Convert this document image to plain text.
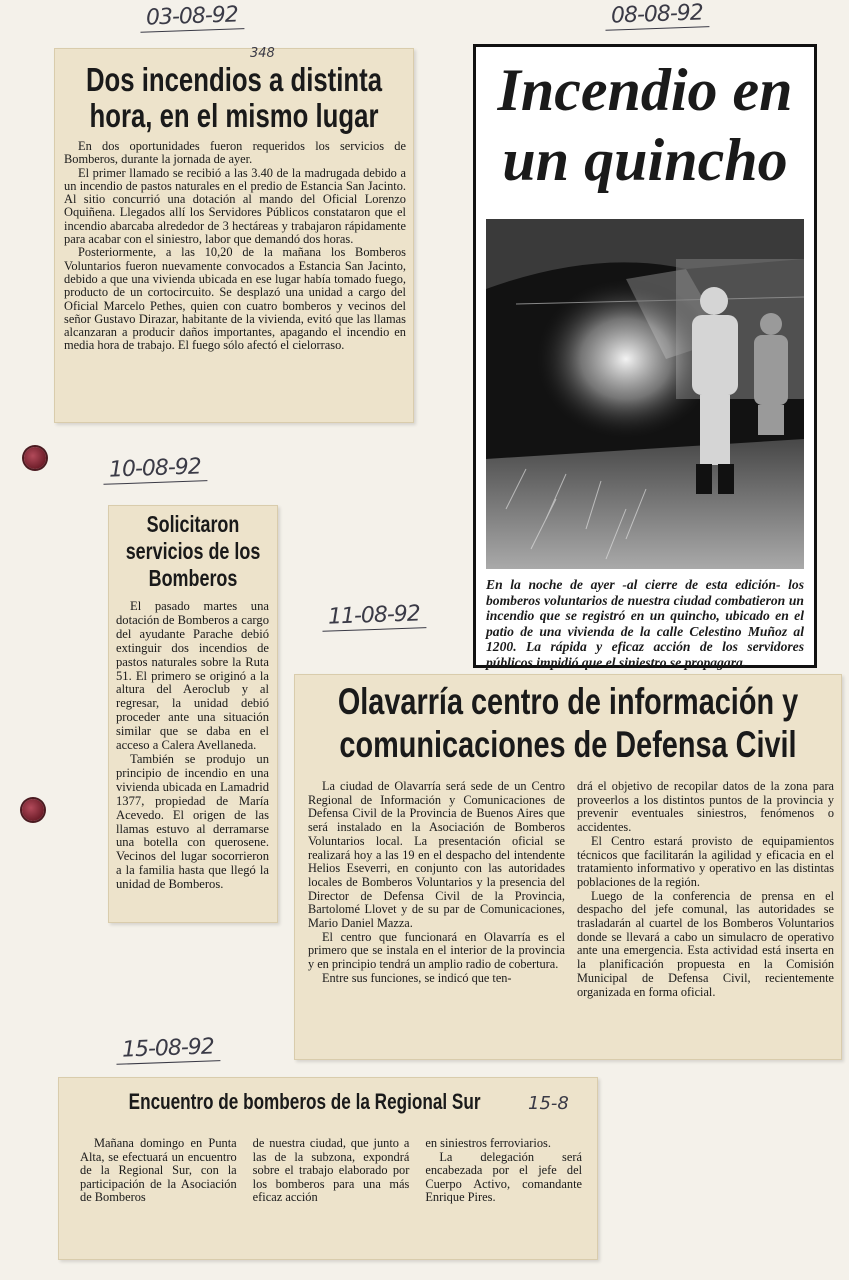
03-08-92	08-08-92
10-08-92
11-08-92
15-08-92
348
Dos incendios a distinta hora, en el mismo lugar

En dos oportunidades fueron requeridos los servicios de Bomberos, durante la jornada de ayer.

El primer llamado se recibió a las 3.40 de la madrugada debido a un incendio de pastos naturales en el predio de Estancia San Jacinto. Al sitio concurrió una dotación al mando del Oficial Lorenzo Oquiñena. Llegados allí los Servidores Públicos constataron que el incendio abarcaba alrededor de 3 hectáreas y trabajaron rápidamente para acabar con el siniestro, labor que demandó dos horas.

Posteriormente, a las 10,20 de la mañana los Bomberos Voluntarios fueron nuevamente convocados a Estancia San Jacinto, debido a que una vivienda ubicada en ese lugar había tomado fuego, producto de un cortocircuito. Se desplazó una unidad a cargo del Oficial Marcelo Pethes, quien con cuatro bomberos y vecinos del señor Gustavo Dirazar, habitante de la vivienda, evitó que las llamas alcanzaran a producir daños importantes, apagando el incendio en media hora de trabajo. El fuego sólo afectó el cielorraso.

Incendio en un quincho
En la noche de ayer -al cierre de esta edición- los bomberos voluntarios de nuestra ciudad combatieron un incendio que se registró en un quincho, ubicado en el patio de una vivienda de la calle Celestino Muñoz al 1200. La rápida y eficaz acción de los servidores públicos impidió que el siniestro se propagara.
Solicitaron servicios de los Bomberos

El pasado martes una dotación de Bomberos a cargo del ayudante Parache debió extinguir dos incendios de pastos naturales sobre la Ruta 51. El primero se originó a la altura del Aeroclub y al regresar, la unidad debió proceder ante una situación similar que se daba en el acceso a Calera Avellaneda.

También se produjo un principio de incendio en una vivienda ubicada en Lamadrid 1377, propiedad de María Acevedo. El origen de las llamas estuvo al derramarse una botella con querosene. Vecinos del lugar socorrieron a la familia hasta que llegó la unidad de Bomberos.

Olavarría centro de información y comunicaciones de Defensa Civil

La ciudad de Olavarría será sede de un Centro Regional de Información y Comunicaciones de Defensa Civil de la Provincia de Buenos Aires que será instalado en la Asociación de Bomberos Voluntarios local. La presentación oficial se realizará hoy a las 19 en el despacho del intendente Helios Eseverri, en conjunto con las autoridades locales de Bomberos Voluntarios y la presencia del Director de Defensa Civil de la Provincia, Bartolomé Llovet y de su par de Comunicaciones, Mario Daniel Mazza.

El centro que funcionará en Olavarría es el primero que se instala en el interior de la provincia y en principio tendrá un amplio radio de cobertura.

Entre sus funciones, se indicó que ten-

drá el objetivo de recopilar datos de la zona para proveerlos a los distintos puntos de la provincia y prevenir eventuales siniestros, fenómenos o accidentes.

El Centro estará provisto de equipamientos técnicos que facilitarán la agilidad y eficacia en el tratamiento informativo y operativo en las distintas poblaciones de la región.

Luego de la conferencia de prensa en el despacho del jefe comunal, las autoridades se trasladarán al cuartel de los Bomberos Voluntarios donde se llevará a cabo un simulacro de operativo ante una emergencia. Esta actividad está inserta en la planificación propuesta en la Comisión Municipal de Defensa Civil, recientemente organizada en forma oficial.

Encuentro de bomberos de la Regional Sur	15-8

Mañana domingo en Punta Alta, se efectuará un encuentro de la Regional Sur, con la participación de la Asociación de Bomberos

de nuestra ciudad, que junto a las de la subzona, expondrá sobre el trabajo elaborado por los bomberos para una más eficaz acción

en siniestros ferroviarios.

La delegación será encabezada por el jefe del Cuerpo Activo, comandante Enrique Pires.
